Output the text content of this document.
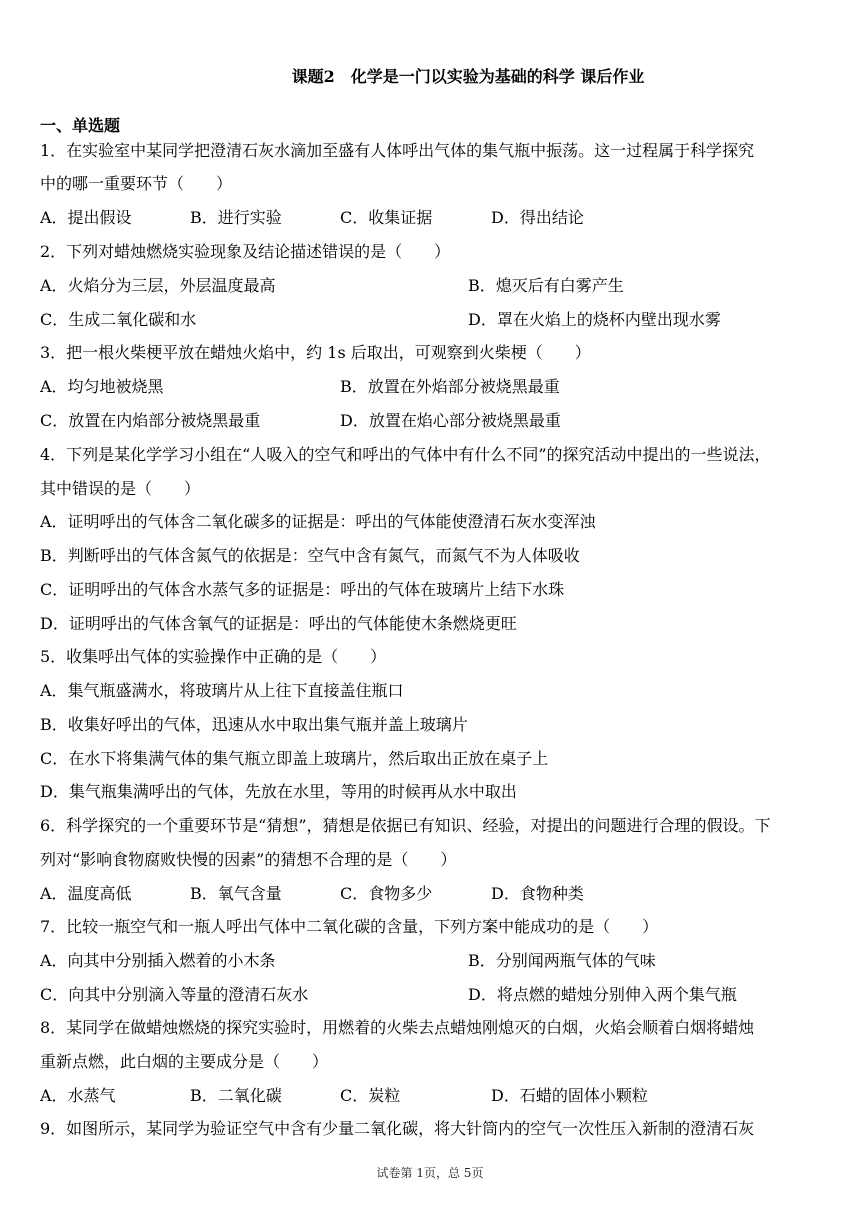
课题2　化学是一门以实验为基础的科学 课后作业
一、单选题
1．在实验室中某同学把澄清石灰水滴加至盛有人体呼出气体的集气瓶中振荡。这一过程属于科学探究
中的哪一重要环节（　　）
A．提出假设	B．进行实验	C．收集证据	D．得出结论
2．下列对蜡烛燃烧实验现象及结论描述错误的是（　　）
A．火焰分为三层，外层温度最高	B．熄灭后有白雾产生
C．生成二氧化碳和水	D．罩在火焰上的烧杯内壁出现水雾
3．把一根火柴梗平放在蜡烛火焰中，约 1s 后取出，可观察到火柴梗（　　）
A．均匀地被烧黑	B．放置在外焰部分被烧黑最重
C．放置在内焰部分被烧黑最重	D．放置在焰心部分被烧黑最重
4．下列是某化学学习小组在“人吸入的空气和呼出的气体中有什么不同”的探究活动中提出的一些说法，
其中错误的是（　　）
A．证明呼出的气体含二氧化碳多的证据是：呼出的气体能使澄清石灰水变浑浊
B．判断呼出的气体含氮气的依据是：空气中含有氮气，而氮气不为人体吸收
C．证明呼出的气体含水蒸气多的证据是：呼出的气体在玻璃片上结下水珠
D．证明呼出的气体含氧气的证据是：呼出的气体能使木条燃烧更旺
5．收集呼出气体的实验操作中正确的是（　　）
A．集气瓶盛满水，将玻璃片从上往下直接盖住瓶口
B．收集好呼出的气体，迅速从水中取出集气瓶并盖上玻璃片
C．在水下将集满气体的集气瓶立即盖上玻璃片，然后取出正放在桌子上
D．集气瓶集满呼出的气体，先放在水里，等用的时候再从水中取出
6．科学探究的一个重要环节是“猜想”，猜想是依据已有知识、经验，对提出的问题进行合理的假设。下
列对“影响食物腐败快慢的因素”的猜想不合理的是（　　）
A．温度高低	B．氧气含量	C．食物多少	D．食物种类
7．比较一瓶空气和一瓶人呼出气体中二氧化碳的含量，下列方案中能成功的是（　　）
A．向其中分别插入燃着的小木条	B．分别闻两瓶气体的气味
C．向其中分别滴入等量的澄清石灰水	D．将点燃的蜡烛分别伸入两个集气瓶
8．某同学在做蜡烛燃烧的探究实验时，用燃着的火柴去点蜡烛刚熄灭的白烟，火焰会顺着白烟将蜡烛
重新点燃，此白烟的主要成分是（　　）
A．水蒸气	B．二氧化碳	C．炭粒	D．石蜡的固体小颗粒
9．如图所示，某同学为验证空气中含有少量二氧化碳，将大针筒内的空气一次性压入新制的澄清石灰
试卷第 1页，总 5页
